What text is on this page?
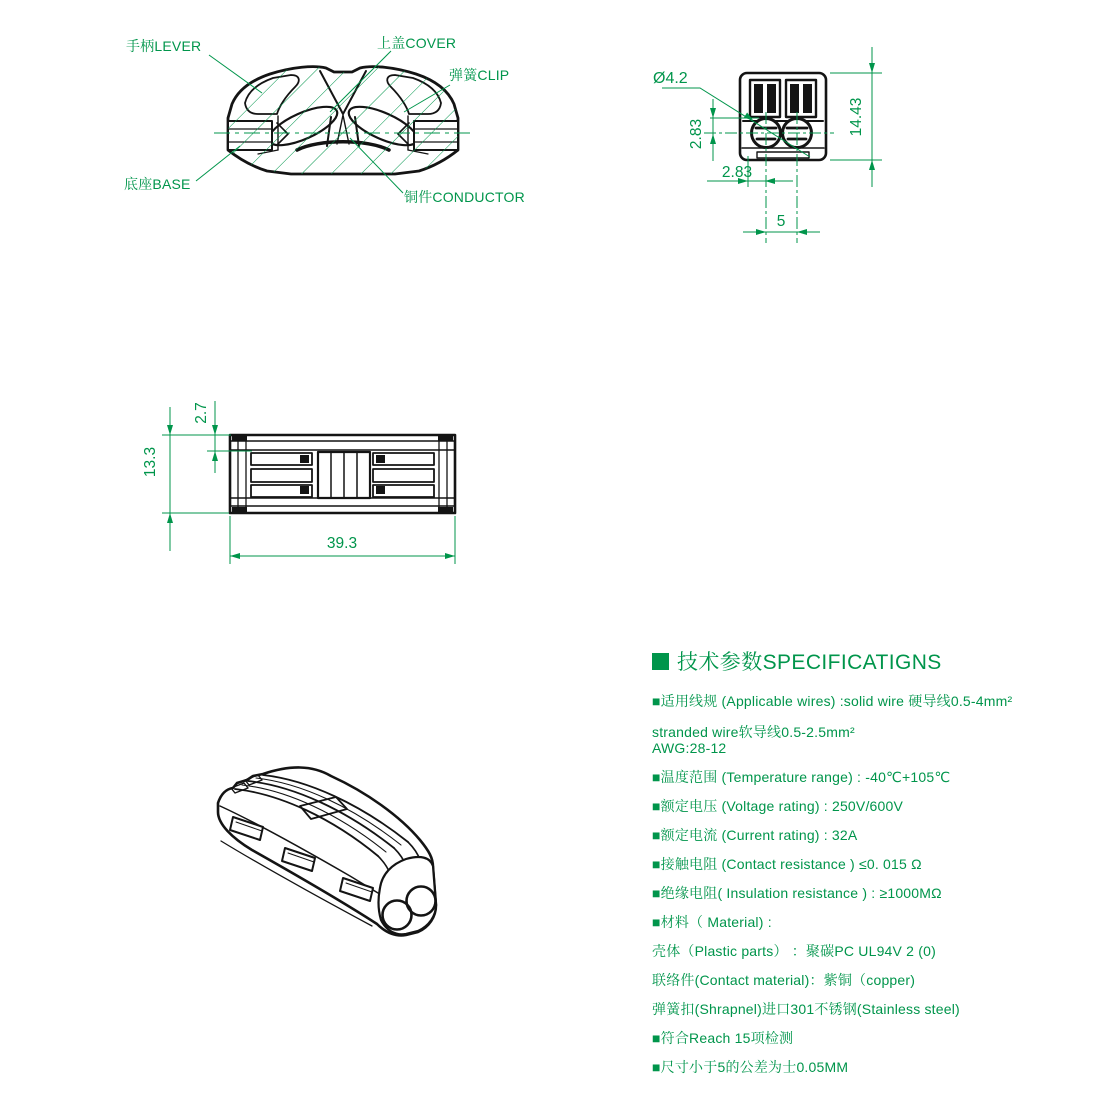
手柄LEVER	上盖COVER
弹簧CLIP
底座BASE
铜件CONDUCTOR
2.83	14.43
2.83
5
Ø4.2
2.7
13.3
39.3
技术参数SPECIFICATIGNS
■适用线规 (Applicable wires) :solid wire 硬导线0.5-4mm²
stranded wire软导线0.5-2.5mm²
AWG:28-12
■温度范围 (Temperature range) : -40℃+105℃
■额定电压 (Voltage rating) : 250V/600V
■额定电流 (Current rating) : 32A
■接触电阻 (Contact resistance ) ≤0. 015 Ω
■绝缘电阻( Insulation resistance ) : ≥1000MΩ
■材料（ Material) :
壳体（Plastic parts） ：聚碳PC UL94V 2 (0)
联络件(Contact material)：紫铜（copper)
弹簧扣(Shrapnel)进口301不锈钢(Stainless steel)
■符合Reach 15项检测
■尺寸小于5的公差为士0.05MM
